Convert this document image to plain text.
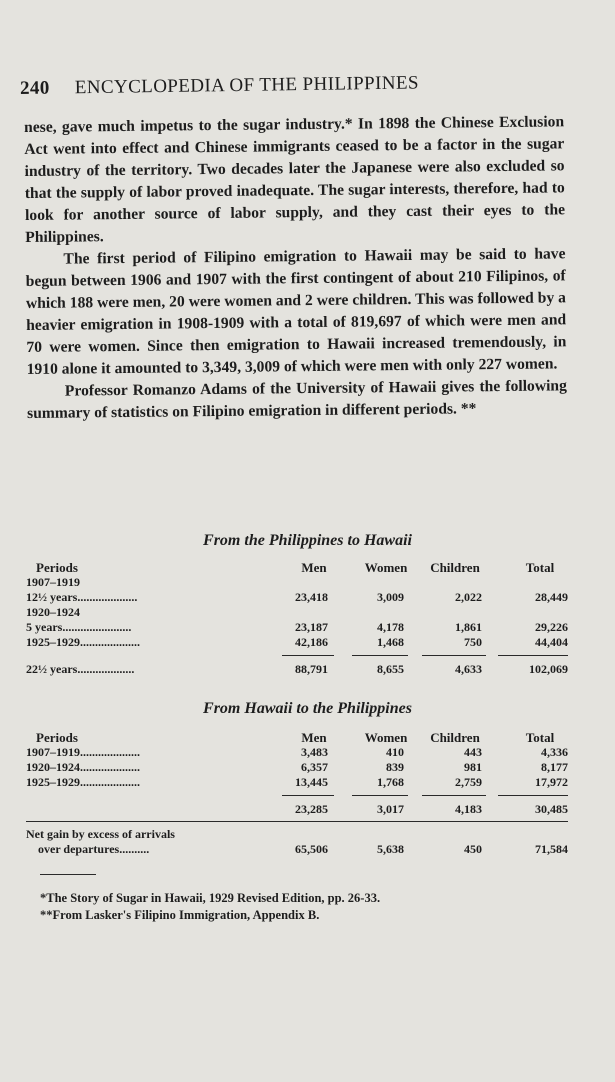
240 ENCYCLOPEDIA OF THE PHILIPPINES

nese, gave much impetus to the sugar industry.* In 1898 the Chinese Exclusion Act went into effect and Chinese immigrants ceased to be a factor in the sugar industry of the territory. Two decades later the Japanese were also excluded so that the supply of labor proved inadequate. The sugar interests, therefore, had to look for another source of labor supply, and they cast their eyes to the Philippines.

The first period of Filipino emigration to Hawaii may be said to have begun between 1906 and 1907 with the first contingent of about 210 Filipinos, of which 188 were men, 20 were women and 2 were children. This was followed by a heavier emigration in 1908-1909 with a total of 819,697 of which were men and 70 were women. Since then emigration to Hawaii increased tremendously, in 1910 alone it amounted to 3,349, 3,009 of which were men with only 227 women.

Professor Romanzo Adams of the University of Hawaii gives the following summary of statistics on Filipino emigration in different periods. **

From the Philippines to Hawaii
Periods	Men	Women	Children	Total
1907–1919
12½ years....................	23,418	3,009	2,022	28,449
1920–1924
5 years.......................	23,187	4,178	1,861	29,226
1925–1929....................	42,186	1,468	750	44,404
22½ years...................	88,791	8,655	4,633	102,069
From Hawaii to the Philippines
Periods	Men	Women	Children	Total
1907–1919....................	3,483	410	443	4,336
1920–1924....................	6,357	839	981	8,177
1925–1929....................	13,445	1,768	2,759	17,972
23,285	3,017	4,183	30,485
Net gain by excess of arrivals
over departures..........	65,506	5,638	450	71,584
*The Story of Sugar in Hawaii, 1929 Revised Edition, pp. 26-33.
**From Lasker's Filipino Immigration, Appendix B.
